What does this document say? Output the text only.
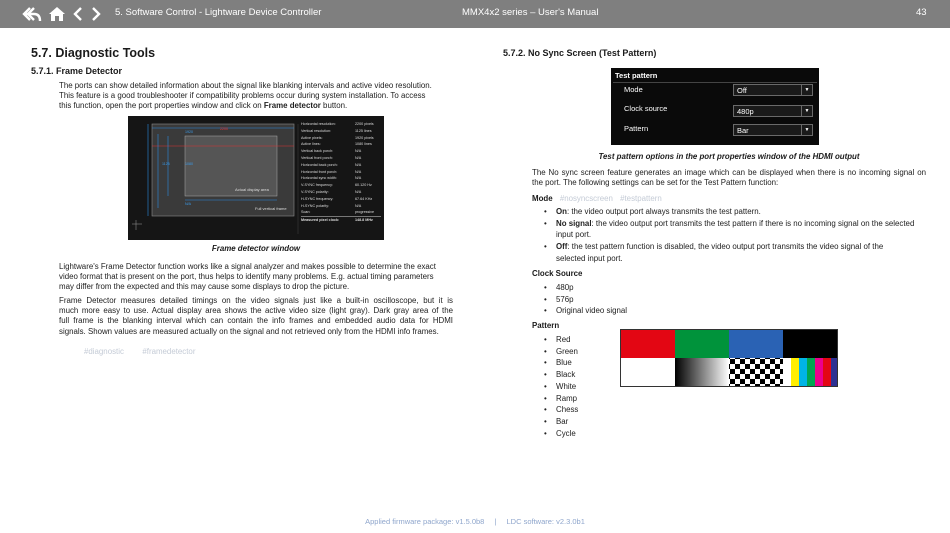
5. Software Control - Lightware Device Controller	MMX4x2 series – User's Manual	43
5.7. Diagnostic Tools
5.7.1. Frame Detector
The ports can show detailed information about the signal like blanking intervals and active video resolution.
This feature is a good troubleshooter if compatibility problems occur during system installation. To access
this function, open the port properties window and click on Frame detector button.
Actual display area
Full vertical frame
2200
1920
1125	1080
N/A
Horizontal resolution:	2200 pixels
Vertical resolution:	1125 lines
Active pixels:	1920 pixels
Active lines:	1080 lines
Vertical back porch:	N/A
Vertical front porch:	N/A
Horizontal back porch:	N/A
Horizontal front porch:	N/A
Horizontal sync width:	N/A
V-SYNC frequency:	60.120 Hz
V-SYNC polarity:	N/A
H-SYNC frequency:	67.64 KHz
H-SYNC polarity:	N/A
Scan:	progressive
Measured pixel clock:	148.8 MHz
Frame detector window
Lightware's Frame Detector function works like a signal analyzer and makes possible to determine the exact
video format that is present on the port, thus helps to identify many problems. E.g. actual timing parameters
may differ from the expected and this may cause some displays to drop the picture.
Frame Detector measures detailed timings on the video signals just like a built-in oscilloscope, but it is
much more easy to use. Actual display area shows the active video size (light gray). Dark gray area of the
full frame is the blanking interval which can contain the info frames and embedded audio data for HDMI
signals. Shown values are measured actually on the signal and not retrieved only from the HDMI info frames.
#diagnostic #framedetector
5.7.2. No Sync Screen (Test Pattern)
Test pattern
Mode	Off	▼
Clock source	480p	▼
Pattern	Bar	▼
Test pattern options in the port properties window of the HDMI output
The No sync screen feature generates an image which can be displayed when there is no incoming signal on
the port. The following settings can be set for the Test Pattern function:
Mode #nosyncscreen #testpattern
• On: the video output port always transmits the test pattern.
• No signal: the video output port transmits the test pattern if there is no incoming signal on the selected
input port.
• Off: the test pattern function is disabled, the video output port transmits the video signal of the
selected input port.
Clock Source
• 480p
• 576p
• Original video signal
Pattern
• Red
• Green
• Blue
• Black
• White
• Ramp
• Chess
• Bar
• Cycle
Applied firmware package: v1.5.0b8 | LDC software: v2.3.0b1
